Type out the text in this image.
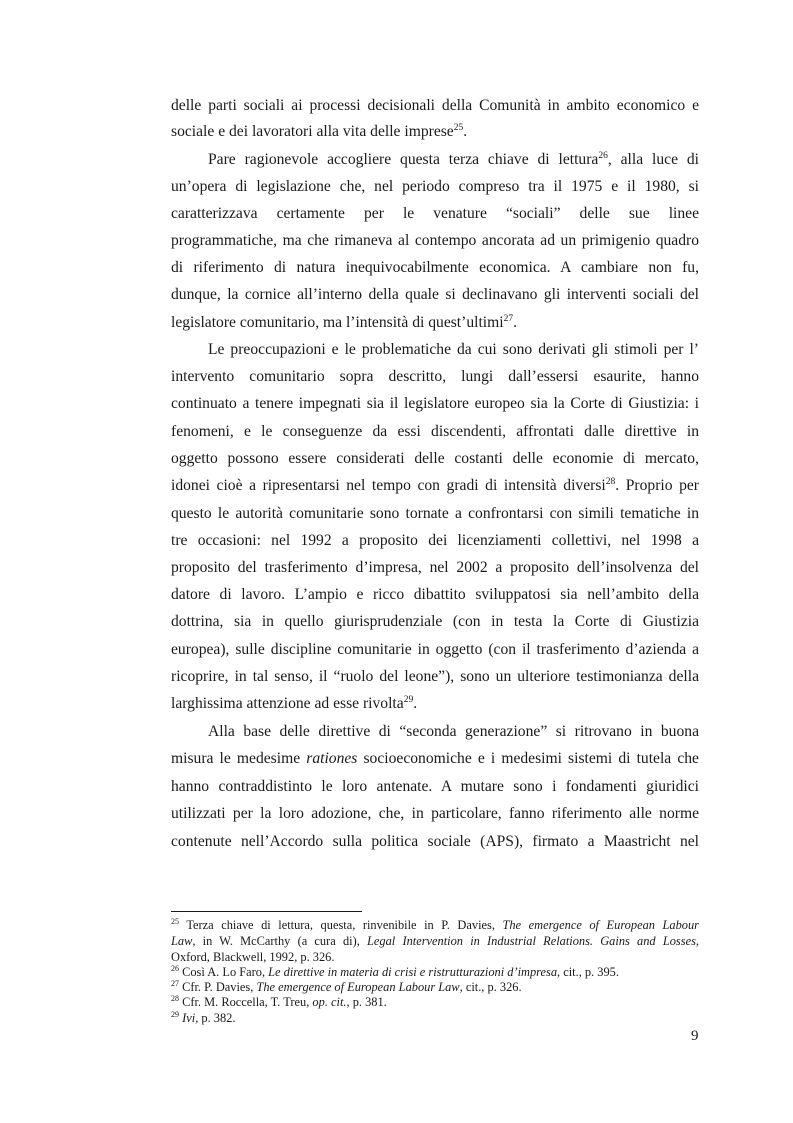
delle parti sociali ai processi decisionali della Comunità in ambito economico e
sociale e dei lavoratori alla vita delle imprese$^{25}$.
Pare ragionevole accogliere questa terza chiave di lettura$^{26}$, alla luce di
un’opera di legislazione che, nel periodo compreso tra il 1975 e il 1980, si
caratterizzava certamente per le venature “sociali” delle sue linee
programmatiche, ma che rimaneva al contempo ancorata ad un primigenio quadro
di riferimento di natura inequivocabilmente economica. A cambiare non fu,
dunque, la cornice all’interno della quale si declinavano gli interventi sociali del
legislatore comunitario, ma l’intensità di quest’ultimi$^{27}$.
Le preoccupazioni e le problematiche da cui sono derivati gli stimoli per l’
intervento comunitario sopra descritto, lungi dall’essersi esaurite, hanno
continuato a tenere impegnati sia il legislatore europeo sia la Corte di Giustizia: i
fenomeni, e le conseguenze da essi discendenti, affrontati dalle direttive in
oggetto possono essere considerati delle costanti delle economie di mercato,
idonei cioè a ripresentarsi nel tempo con gradi di intensità diversi$^{28}$. Proprio per
questo le autorità comunitarie sono tornate a confrontarsi con simili tematiche in
tre occasioni: nel 1992 a proposito dei licenziamenti collettivi, nel 1998 a
proposito del trasferimento d’impresa, nel 2002 a proposito dell’insolvenza del
datore di lavoro. L’ampio e ricco dibattito sviluppatosi sia nell’ambito della
dottrina, sia in quello giurisprudenziale (con in testa la Corte di Giustizia
europea), sulle discipline comunitarie in oggetto (con il trasferimento d’azienda a
ricoprire, in tal senso, il “ruolo del leone”), sono un ulteriore testimonianza della
larghissima attenzione ad esse rivolta$^{29}$.
Alla base delle direttive di “seconda generazione” si ritrovano in buona
misura le medesime rationes socioeconomiche e i medesimi sistemi di tutela che
hanno contraddistinto le loro antenate. A mutare sono i fondamenti giuridici
utilizzati per la loro adozione, che, in particolare, fanno riferimento alle norme
contenute nell’Accordo sulla politica sociale (APS), firmato a Maastricht nel
$^{25}$ Terza chiave di lettura, questa, rinvenibile in P. Davies, The emergence of European Labour
Law, in W. McCarthy (a cura di), Legal Intervention in Industrial Relations. Gains and Losses,
Oxford, Blackwell, 1992, p. 326.
$^{26}$ Così A. Lo Faro, Le direttive in materia di crisi e ristrutturazioni d’impresa, cit., p. 395.
$^{27}$ Cfr. P. Davies, The emergence of European Labour Law, cit., p. 326.
$^{28}$ Cfr. M. Roccella, T. Treu, op. cit., p. 381.
$^{29}$ Ivi, p. 382.
9
